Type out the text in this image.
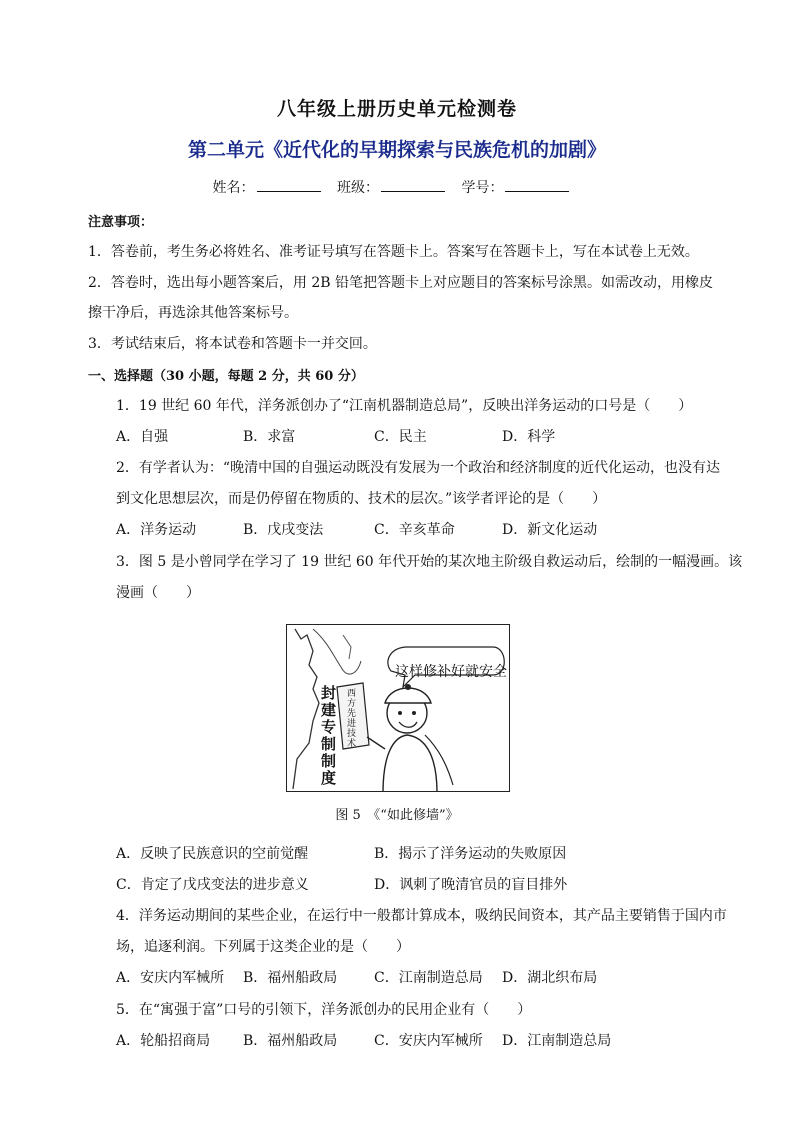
八年级上册历史单元检测卷
第二单元《近代化的早期探索与民族危机的加剧》
姓名：	班级：	学号：
注意事项：
1．答卷前，考生务必将姓名、准考证号填写在答题卡上。答案写在答题卡上，写在本试卷上无效。
2．答卷时，选出每小题答案后，用 2B 铅笔把答题卡上对应题目的答案标号涂黑。如需改动，用橡皮
擦干净后，再选涂其他答案标号。
3．考试结束后，将本试卷和答题卡一并交回。
一、选择题（30 小题，每题 2 分，共 60 分）
1．19 世纪 60 年代，洋务派创办了“江南机器制造总局”，反映出洋务运动的口号是（　　）
A．自强	B．求富	C．民主	D．科学
2．有学者认为：“晚清中国的自强运动既没有发展为一个政治和经济制度的近代化运动，也没有达
到文化思想层次，而是仍停留在物质的、技术的层次。”该学者评论的是（　　）
A．洋务运动	B．戊戌变法	C．辛亥革命	D．新文化运动
3．图 5 是小曾同学在学习了 19 世纪 60 年代开始的某次地主阶级自救运动后，绘制的一幅漫画。该
漫画（　　）
这样修补好就安全
封建专制制度
西方先进技术
图 5　《“如此修墙”》
A．反映了民族意识的空前觉醒	B．揭示了洋务运动的失败原因
C．肯定了戊戌变法的进步意义	D．讽刺了晚清官员的盲目排外
4．洋务运动期间的某些企业，在运行中一般都计算成本，吸纳民间资本，其产品主要销售于国内市
场，追逐利润。下列属于这类企业的是（　　）
A．安庆内军械所 B．福州船政局	C．江南制造总局 D．湖北织布局
5．在“寓强于富”口号的引领下，洋务派创办的民用企业有（　　）
A．轮船招商局 B．福州船政局	C．安庆内军械所 D．江南制造总局
